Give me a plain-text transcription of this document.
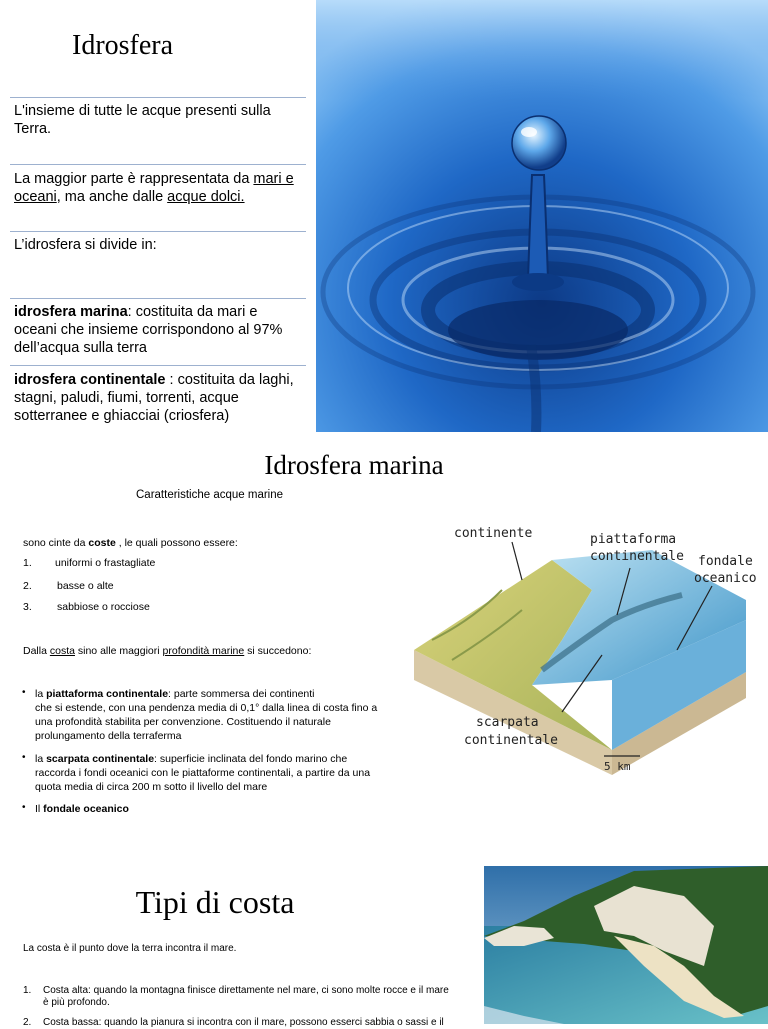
Idrosfera
L'insieme di tutte le acque presenti sulla Terra.
La maggior parte è rappresentata da mari e oceani, ma anche dalle acque dolci.
L’idrosfera si divide in:
idrosfera marina: costituita da mari e oceani che insieme corrispondono al 97% dell’acqua sulla terra
idrosfera continentale : costituita da laghi, stagni, paludi, fiumi, torrenti, acque sotterranee e ghiacciai (criosfera)
Idrosfera marina
Caratteristiche acque marine
sono cinte da coste , le quali possono essere:
1. uniformi o frastagliate
2. basse o alte
3. sabbiose o rocciose
Dalla costa sino alle maggiori profondità marine si succedono:
• la piattaforma continentale: parte sommersa dei continenti
che si estende, con una pendenza media di 0,1° dalla linea di costa fino a
una profondità stabilita per convenzione. Costituendo il naturale
prolungamento della terraferma
• la scarpata continentale: superficie inclinata del fondo marino che
raccorda i fondi oceanici con le piattaforme continentali, a partire da una
quota media di circa 200 m sotto il livello del mare
• Il fondale oceanico
continente	piattaforma
continentale fondale
oceanico
scarpata
continentale
5 km
Tipi di costa
La costa è il punto dove la terra incontra il mare.
1. Costa alta: quando la montagna finisce direttamente nel mare, ci sono molte rocce e il mare è più profondo.
2. Costa bassa: quando la pianura si incontra con il mare, possono esserci sabbia o sassi e il
